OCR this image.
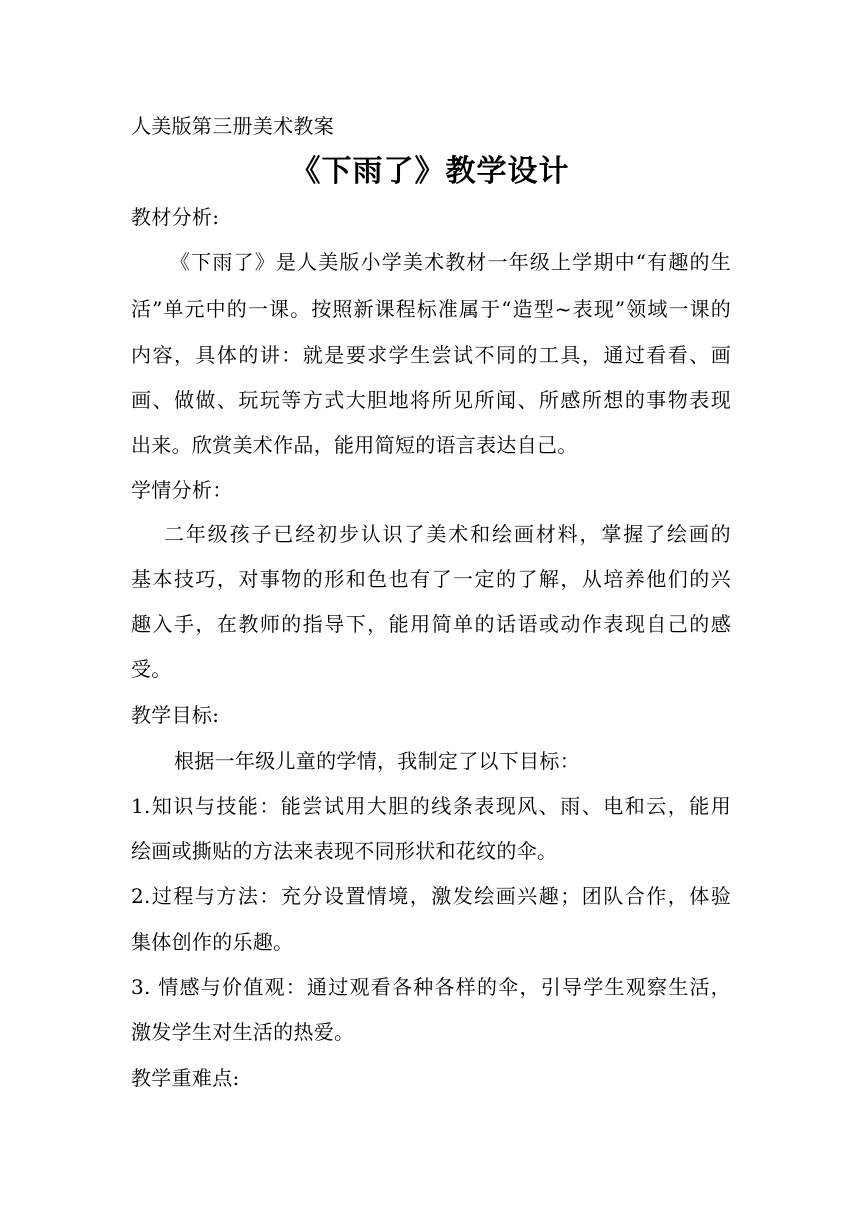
人美版第三册美术教案
《下雨了》教学设计
教材分析:
《下雨了》是人美版小学美术教材一年级上学期中“有趣的生
活”单元中的一课。按照新课程标准属于“造型~表现”领域一课的
内容，具体的讲：就是要求学生尝试不同的工具，通过看看、画
画、做做、玩玩等方式大胆地将所见所闻、所感所想的事物表现
出来。欣赏美术作品，能用简短的语言表达自己。
学情分析：
二年级孩子已经初步认识了美术和绘画材料，掌握了绘画的
基本技巧，对事物的形和色也有了一定的了解，从培养他们的兴
趣入手，在教师的指导下，能用简单的话语或动作表现自己的感
受。
教学目标:
根据一年级儿童的学情，我制定了以下目标：
1.知识与技能：能尝试用大胆的线条表现风、雨、电和云，能用
绘画或撕贴的方法来表现不同形状和花纹的伞。
2.过程与方法：充分设置情境，激发绘画兴趣；团队合作，体验
集体创作的乐趣。
3. 情感与价值观：通过观看各种各样的伞，引导学生观察生活，
激发学生对生活的热爱。
教学重难点:
